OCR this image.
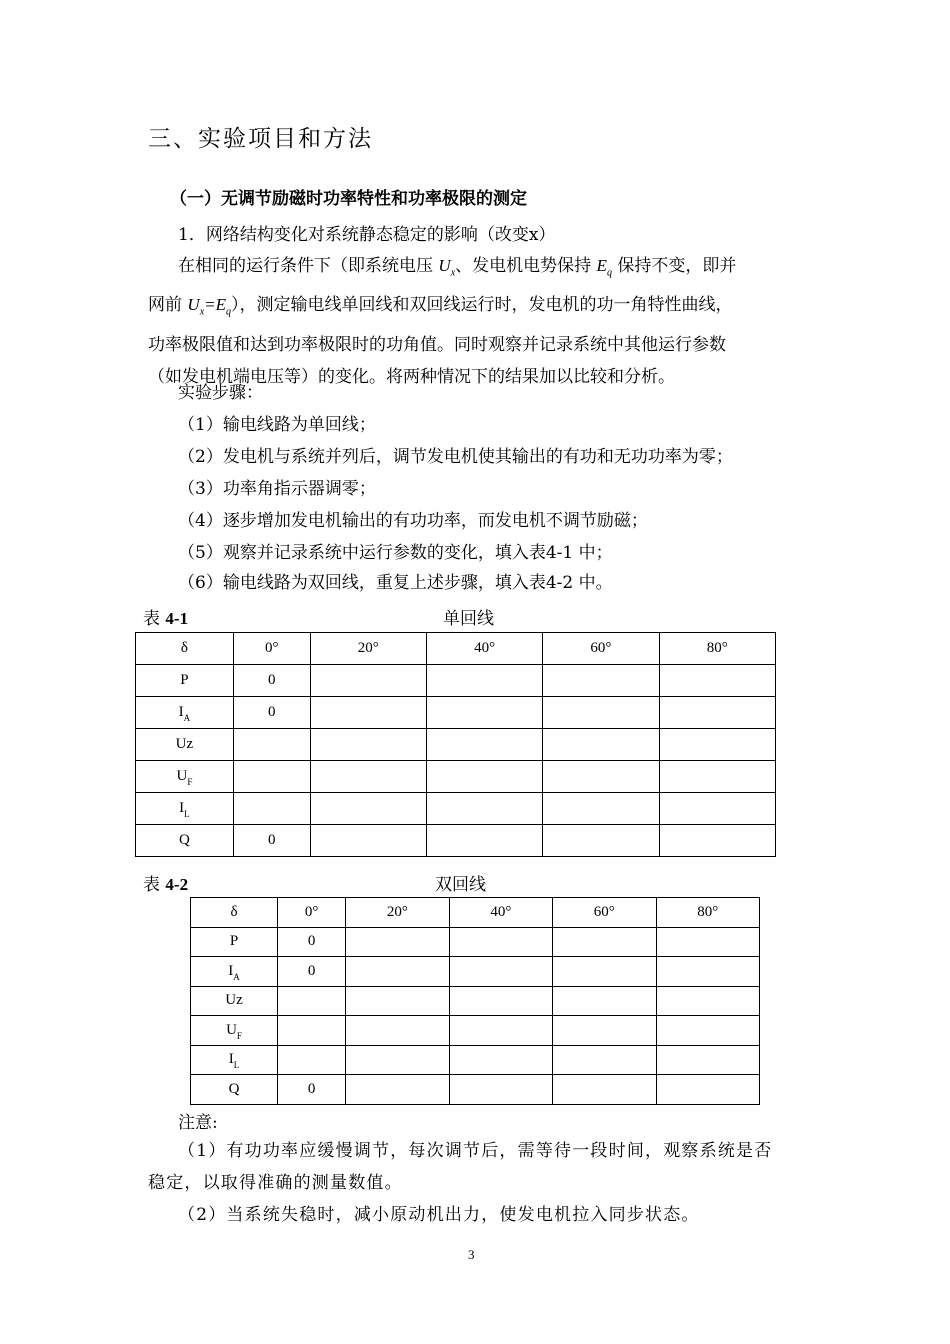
三、实验项目和方法
（一）无调节励磁时功率特性和功率极限的测定
1．网络结构变化对系统静态稳定的影响（改变x）

在相同的运行条件下（即系统电压 $U_x$、发电机电势保持 $E_q$ 保持不变，即并

网前 $U_x=E_q$），测定输电线单回线和双回线运行时，发电机的功一角特性曲线，

功率极限值和达到功率极限时的功角值。同时观察并记录系统中其他运行参数

（如发电机端电压等）的变化。将两种情况下的结果加以比较和分析。

实验步骤：
（1）输电线路为单回线；
（2）发电机与系统并列后，调节发电机使其输出的有功和无功功率为零；
（3）功率角指示器调零；
（4）逐步增加发电机输出的有功功率，而发电机不调节励磁；
（5）观察并记录系统中运行参数的变化，填入表4-1 中；
（6）输电线路为双回线，重复上述步骤，填入表4-2 中。
表 4-1	单回线
δ	0°	20°	40°	60°	80°
P	0				
$I_A$	0				
Uz					
$U_F$					
$I_L$					
Q	0				
表 4-2	双回线
δ	0°	20°	40°	60°	80°
P	0				
$I_A$	0				
Uz					
$U_F$					
$I_L$					
Q	0				
注意:

（1）有功功率应缓慢调节，每次调节后，需等待一段时间，观察系统是否

稳定，以取得准确的测量数值。

（2）当系统失稳时，减小原动机出力，使发电机拉入同步状态。

3
